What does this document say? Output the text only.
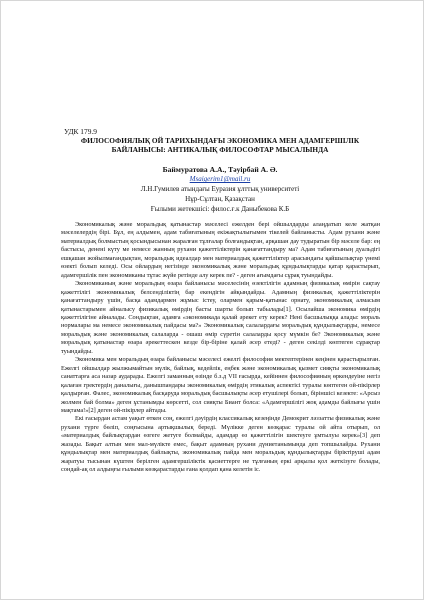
УДК 179.9
ФИЛОСОФИЯЛЫҚ ОЙ ТАРИХЫНДАҒЫ ЭКОНОМИКА МЕН АДАМГЕРШІЛІК БАЙЛАНЫСЫ: АНТИКАЛЫҚ ФИЛОСОФТАР МЫСАЛЫНДА
Баймуратова А.А., Тәуірбай А. Ә.
Msaigerim1@mail.ru
Л.Н.Гумилев атындағы Еуразия ұлттық университеті
Нұр-Сұлтан, Қазақстан
Ғылыми жетекшісі: филос.ғ.к Даныбекова К.Б

Экономикалық және моральдық қатынастар мәселесі ежелден бері ойшылдарды алаңдатып келе жатқан мәселелердің бірі. Бұл, ең алдымен, адам табиғатының екіжақтылығымен тікелей байланысты. Адам рухани және материалдық болмыстың қосындысынан жаралған тұлғалар болғандықтан, арқашан дау тудыратын бір мәселе бар: ең бастысы, денені күту ме немесе жанның рухани қажеттіліктерін қанағаттандыру ма? Адам табиғатының дуальдігі ешқашан жойылмағандықтан, моральдық идеалдар мен материалдық қажеттіліктер арасындағы қайшылықтар үнемі өзекті болып келеді. Осы ойлардың негізінде экономикалық және моральдық құндылықтарды қатар қарастырып, адамгершілік пен экономиканы тұтас жүйе ретінде алу керек пе? - деген ағымдағы сұрақ туындайды.

Экономиканың және моральдың өзара байланысы мәселесінің өзектілігін адамның физикалық өмірін сақтау қажеттілігі экономикалық белсенділіктің бар екендігін айқындайды. Адамның физикалық қажеттіліктерін қанағаттандыру үшін, басқа адамдармен жұмыс істеу, олармен қарым-қатынас орнату, экономикалық алмасым қатынастарымен айналысу физикалық өмірдің басты шарты болып табылады[1]. Осылайша экономика өмірдің қажеттілігіне айналады. Сондықтан, адамға «экономикада қалай әрекет ету керек? Нені басшылыққа алады: мораль нормалары ма немесе экономикалық пайдасы ма?» Экономикалық салалардағы моральдық құндылықтарды, немесе моральдық және экономикалық салаларда - ошаш өмір сүретін салаларды қосу мүмкін бе? Экономикалық және моральдық қатынастар өзара әрекеттескен кезде бір-біріне қалай әсер етеді? - деген секілді көптеген сұрақтар туындайды.

Экономика мен моральдың өзара байланысы мәселесі ежелгі философия мектептерінен кеңінен қарастырылған. Ежелгі ойшылдар жылжымайтын мүлік, байлық, кедейлік, еңбек және экономикалық қызмет сияқты экономикалық санаттарға аса назар аударады. Ежелгі заманның өзінде б.з.д VII ғасырда, кейіннен философияның өркендеуіне негіз қалаған гректердің даналығы, данышпандары экономикалық өмірдің этикалық аспектісі туралы көптеген ой-пікірлер қалдырған. Фалес, экономикалық басқаруда моральдық басшылықты әсер етушілері болып, біріншісі кезекте: «Арсыз жолмен бай болма» деген ұстанымды көрсетті, сол сияқты Биант болса: «Адамгершілігі жоқ адамды байлығы үшін мақтама!»[2] деген ой-пікірлер айтады.

Екі ғасырдан астам уақыт өткен соң, ежелгі дәуірдің классикалық кезеңінде Демокрит ләззатты физикалық және рухани түрге бөліп, соңғысына артықшылық береді. Мүлікке деген көзқарас туралы ой айта отырып, ол «материалдық байлықтардан өзгеге жетуге болмайды, адамдар өз қажеттілігін шектеуге ұмтылуы керек»[3] деп жазады. Бақыт алтын мен мал-мүлікте емес, бақыт адамның рухани дүниетанымында деп топшылайды. Рухани құндылықтар мен материалдық байлықты, экономикалық пайда мен моральдық құндылықтарды біріктіруші адам жаратуы тысынан күштен берілген адамгершіліктік қасиеттерге не тұлғаның еркі арқылы қол жеткізуге болады, сондай-ақ ол алдыңғы ғылыми көзқарастарды ғана қолдап қана келетін іс.
